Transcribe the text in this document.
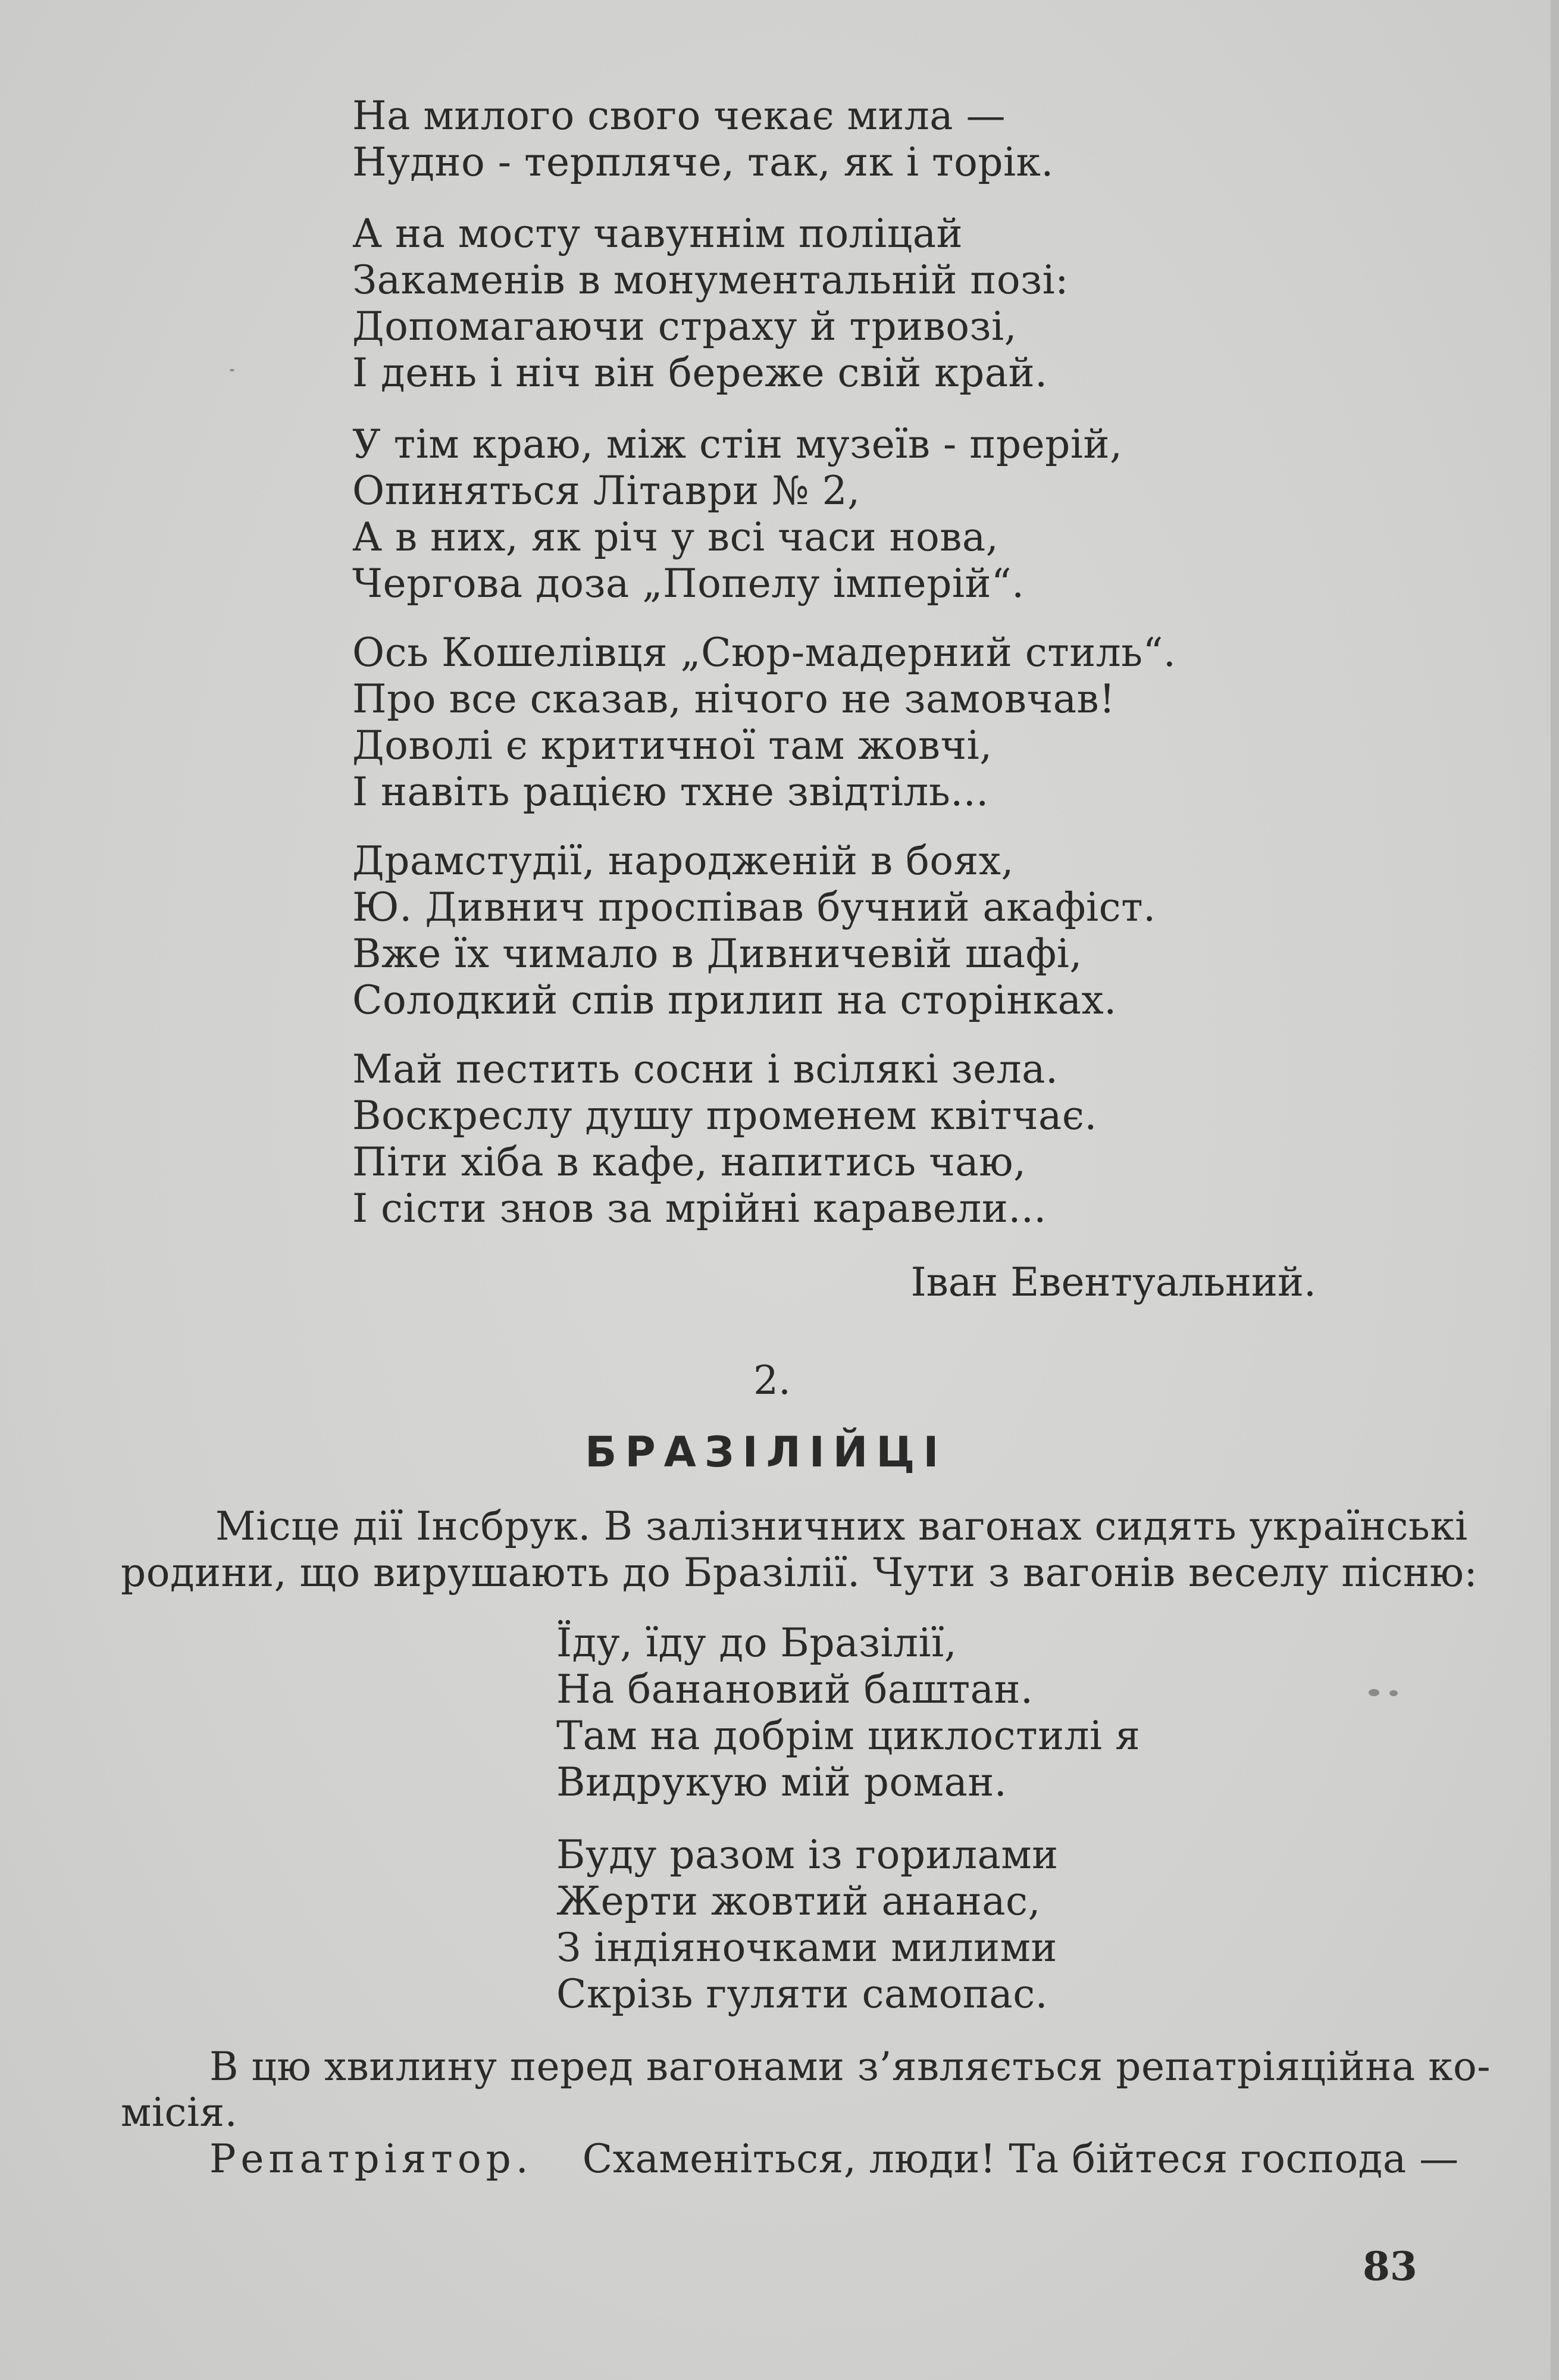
На милого свого чекає мила —
Нудно - терпляче, так, як і торік.
А на мосту чавуннім поліцай
Закаменів в монументальній позі:
Допомагаючи страху й тривозі,
І день і ніч він береже свій край.
У тім краю, між стін музеїв - прерій,
Опиняться Літаври № 2,
А в них, як річ у всі часи нова,
Чергова доза „Попелу імперій“.
Ось Кошелівця „Сюр-мадерний стиль“.
Про все сказав, нічого не замовчав!
Доволі є критичної там жовчі,
І навіть рацією тхне звідтіль...
Драмстудії, народженій в боях,
Ю. Дивнич проспівав бучний акафіст.
Вже їх чимало в Дивничевій шафі,
Солодкий спів прилип на сторінках.
Май пестить сосни і всілякі зела.
Воскреслу душу променем квітчає.
Піти хіба в кафе, напитись чаю,
І сісти знов за мрійні каравели...
Іван Евентуальний.
2.
БРАЗІЛІЙЦІ
Місце дії Інсбрук. В залізничних вагонах сидять українські
родини, що вирушають до Бразілії. Чути з вагонів веселу пісню:
Їду, їду до Бразілії,
На банановий баштан.
Там на добрім циклостилі я
Видрукую мій роман.
Буду разом із горилами
Жерти жовтий ананас,
З індіяночками милими
Скрізь гуляти самопас.
В цю хвилину перед вагонами з’являється репатріяційна ко-
місія.
Репатріятор. Схаменіться, люди! Та бійтеся господа —
83
